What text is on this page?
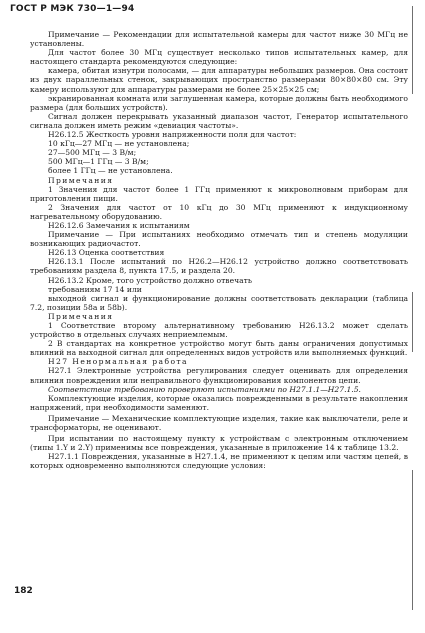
ГОСТ Р МЭК 730—1—94

Примечание — Рекомендации для испытательной камеры для частот ниже 30 МГц не установлены.

Для частот более 30 МГц существует несколько типов испытательных камер, для настоящего стандарта рекомендуются следующие:

камера, обитая изнутри полосами, — для аппаратуры небольших размеров. Она состоит из двух параллельных стенок, закрывающих пространство размерами 80×80×80 см. Эту камеру используют для аппаратуры размерами не более 25×25×25 см;

экранированная комната или заглушенная камера, которые должны быть необходимого размера (для больших устройств).

Сигнал должен перекрывать указанный диапазон частот, Генератор испытательного сигнала должен иметь режим «девиация частоты».

Н26.12.5 Жесткость уровня напряженности поля для частот:

10 кГц—27 МГц — не установлена;

27—500 МГц — 3 В/м;

500 МГц—1 ГГц — 3 В/м;

более 1 ГГц — не установлена.

Примечания

1 Значения для частот более 1 ГГц применяют к микроволновым приборам для приготовления пищи.

2 Значения для частот от 10 кГц до 30 МГц применяют к индукционному нагревательному оборудованию.

Н26.12.6 Замечания к испытаниям

Примечание — При испытаниях необходимо отмечать тип и степень модуляции возникающих радиочастот.

Н26.13 Оценка соответствия

Н26.13.1 После испытаний по Н26.2—Н26.12 устройство должно соответствовать требованиям раздела 8, пункта 17.5, и раздела 20.

Н26.13.2 Кроме, того устройство должно отвечать

требованиям 17 14 или

выходной сигнал и функционирование должны соответствовать декларации (таблица 7.2, позиции 58а и 58b).

Примечания

1 Соответствие второму альтернативному требованию Н26.13.2 может сделать устройство в отдельных случаях неприемлемым.

2 В стандартах на конкретное устройство могут быть даны ограничения допустимых влияний на выходной сигнал для определенных видов устройств или выполняемых функций.

Н27 Ненормальная работа

Н27.1 Электронные устройства регулирования следует оценивать для определения влияния повреждения или неправильного функционирования компонентов цепи.

Соответствие требованию проверяют испытаниями по Н27.1.1—Н27.1.5.

Комплектующие изделия, которые оказались поврежденными в результате накопления напряжений, при необходимости заменяют.

Примечание — Механические комплектующие изделия, такие как выключатели, реле и трансформаторы, не оценивают.

При испытании по настоящему пункту к устройствам с электронным отключением (типы 1.Y и 2.Y) применимы все повреждения, указанные в приложение 14 к таблице 13.2.

Н27.1.1 Повреждения, указанные в Н27.1.4, не применяют к цепям или частям цепей, в которых одновременно выполняются следующие условия:

182
